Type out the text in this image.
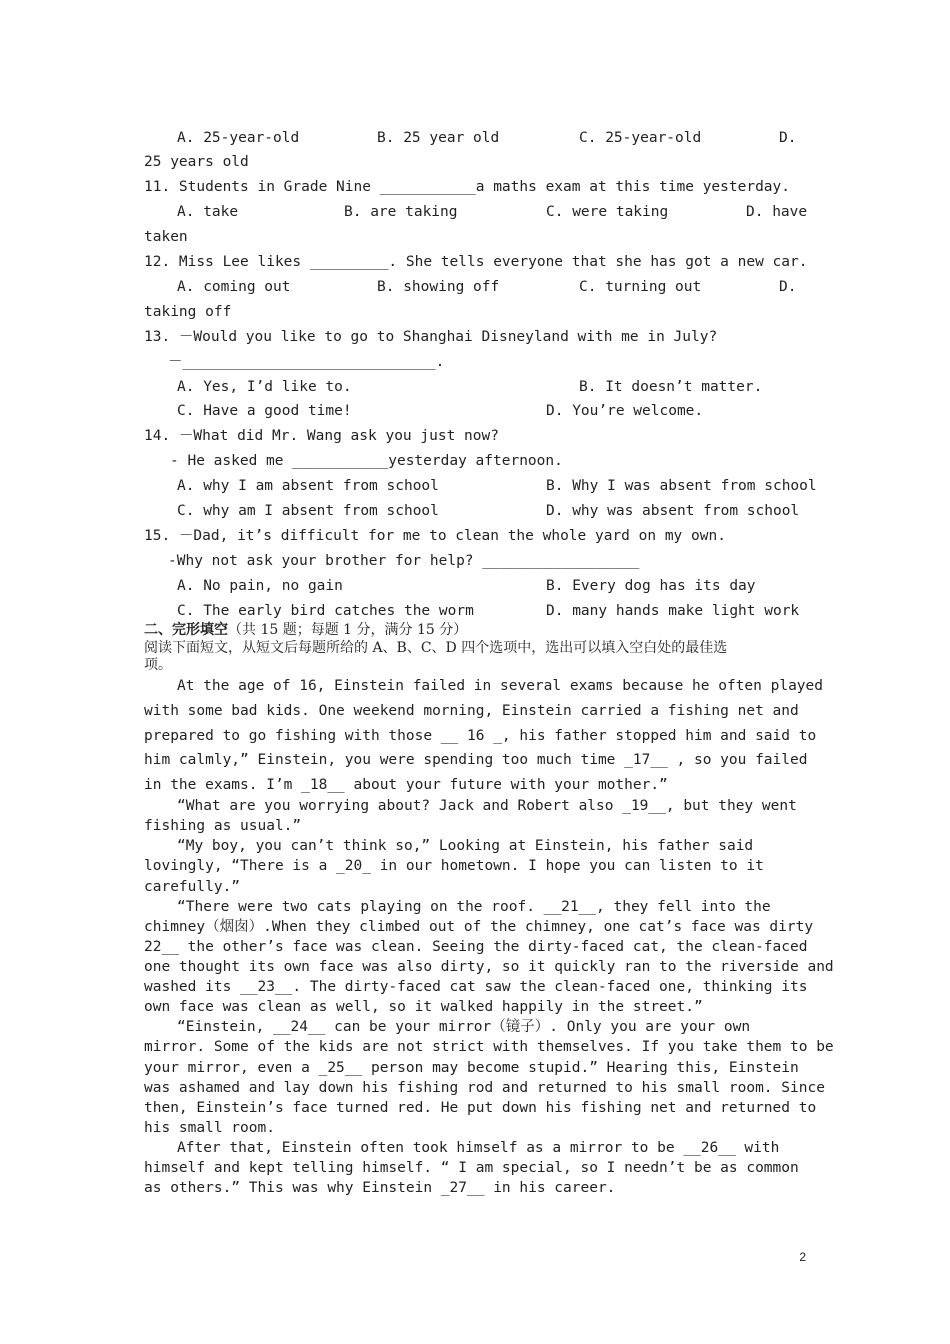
A. 25-year-old	B. 25 year old	C. 25-year-old	D.
25 years old
11. Students in Grade Nine ___________a maths exam at this time yesterday.
A. take	B. are taking	C. were taking	D. have
taken
12. Miss Lee likes _________. She tells everyone that she has got a new car.
A. coming out	B. showing off	C. turning out	D.
taking off
13. －Would you like to go to Shanghai Disneyland with me in July?
－_____________________________.
A. Yes, I’d like to.	B. It doesn’t matter.
C. Have a good time!	D. You’re welcome.
14. －What did Mr. Wang ask you just now?
- He asked me ___________yesterday afternoon.
A. why I am absent from school	B. Why I was absent from school
C. why am I absent from school	D. why was absent from school
15. －Dad, it’s difficult for me to clean the whole yard on my own.
-Why not ask your brother for help? __________________
A. No pain, no gain	B. Every dog has its day
C. The early bird catches the worm	D. many hands make light work
二、完形填空（共 15 题；每题 1 分，满分 15 分）
阅读下面短文，从短文后每题所给的 A、B、C、D 四个选项中，选出可以填入空白处的最佳选
项。
At the age of 16, Einstein failed in several exams because he often played
with some bad kids. One weekend morning, Einstein carried a fishing net and
prepared to go fishing with those __ 16 _, his father stopped him and said to
him calmly,” Einstein, you were spending too much time _17__ , so you failed
in the exams. I’m _18__ about your future with your mother.”
“What are you worrying about? Jack and Robert also _19__, but they went
fishing as usual.”
“My boy, you can’t think so,” Looking at Einstein, his father said
lovingly, “There is a _20_ in our hometown. I hope you can listen to it
carefully.”
“There were two cats playing on the roof. __21__, they fell into the
chimney（烟囱）.When they climbed out of the chimney, one cat’s face was dirty
22__ the other’s face was clean. Seeing the dirty-faced cat, the clean-faced
one thought its own face was also dirty, so it quickly ran to the riverside and
washed its __23__. The dirty-faced cat saw the clean-faced one, thinking its
own face was clean as well, so it walked happily in the street.”
“Einstein, __24__ can be your mirror（镜子）. Only you are your own
mirror. Some of the kids are not strict with themselves. If you take them to be
your mirror, even a _25__ person may become stupid.” Hearing this, Einstein
was ashamed and lay down his fishing rod and returned to his small room. Since
then, Einstein’s face turned red. He put down his fishing net and returned to
his small room.
After that, Einstein often took himself as a mirror to be __26__ with
himself and kept telling himself. “ I am special, so I needn’t be as common
as others.” This was why Einstein _27__ in his career.
2
